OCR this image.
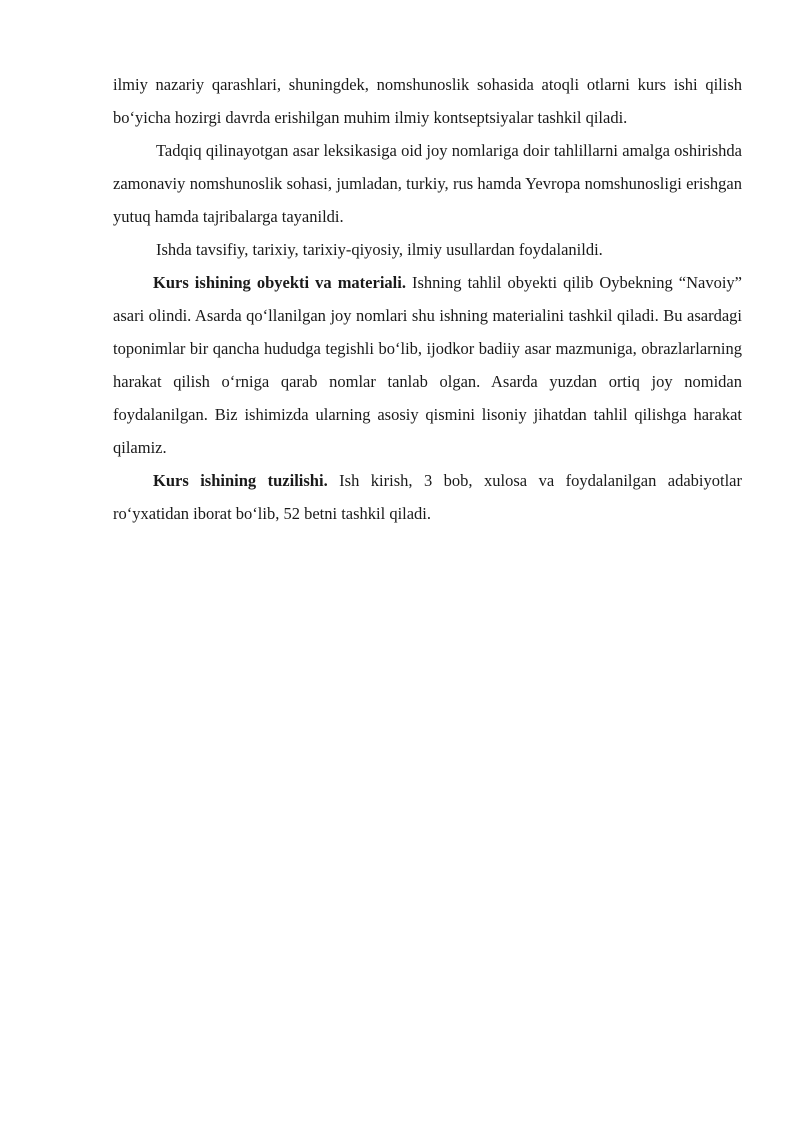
ilmiy nazariy qarashlari, shuningdek, nomshunoslik sohasida atoqli otlarni kurs ishi qilish boʻyicha hozirgi davrda erishilgan muhim ilmiy kontseptsiyalar tashkil qiladi.

Tadqiq qilinayotgan asar leksikasiga oid joy nomlariga doir tahlillarni amalga oshirishda zamonaviy nomshunoslik sohasi, jumladan, turkiy, rus hamda Yevropa nomshunosligi erishgan yutuq hamda tajribalarga tayanildi.

Ishda tavsifiy, tarixiy, tarixiy-qiyosiy, ilmiy usullardan foydalanildi.

Kurs ishining obyekti va materiali. Ishning tahlil obyekti qilib Oybekning “Navoiy” asari olindi. Asarda qoʻllanilgan joy nomlari shu ishning materialini tashkil qiladi. Bu asardagi toponimlar bir qancha hududga tegishli boʻlib, ijodkor badiiy asar mazmuniga, obrazlarlarning harakat qilish oʻrniga qarab nomlar tanlab olgan. Asarda yuzdan ortiq joy nomidan foydalanilgan. Biz ishimizda ularning asosiy qismini lisoniy jihatdan tahlil qilishga harakat qilamiz.

Kurs ishining tuzilishi. Ish kirish, 3 bob, xulosa va foydalanilgan adabiyotlar roʻyxatidan iborat boʻlib, 52 betni tashkil qiladi.
